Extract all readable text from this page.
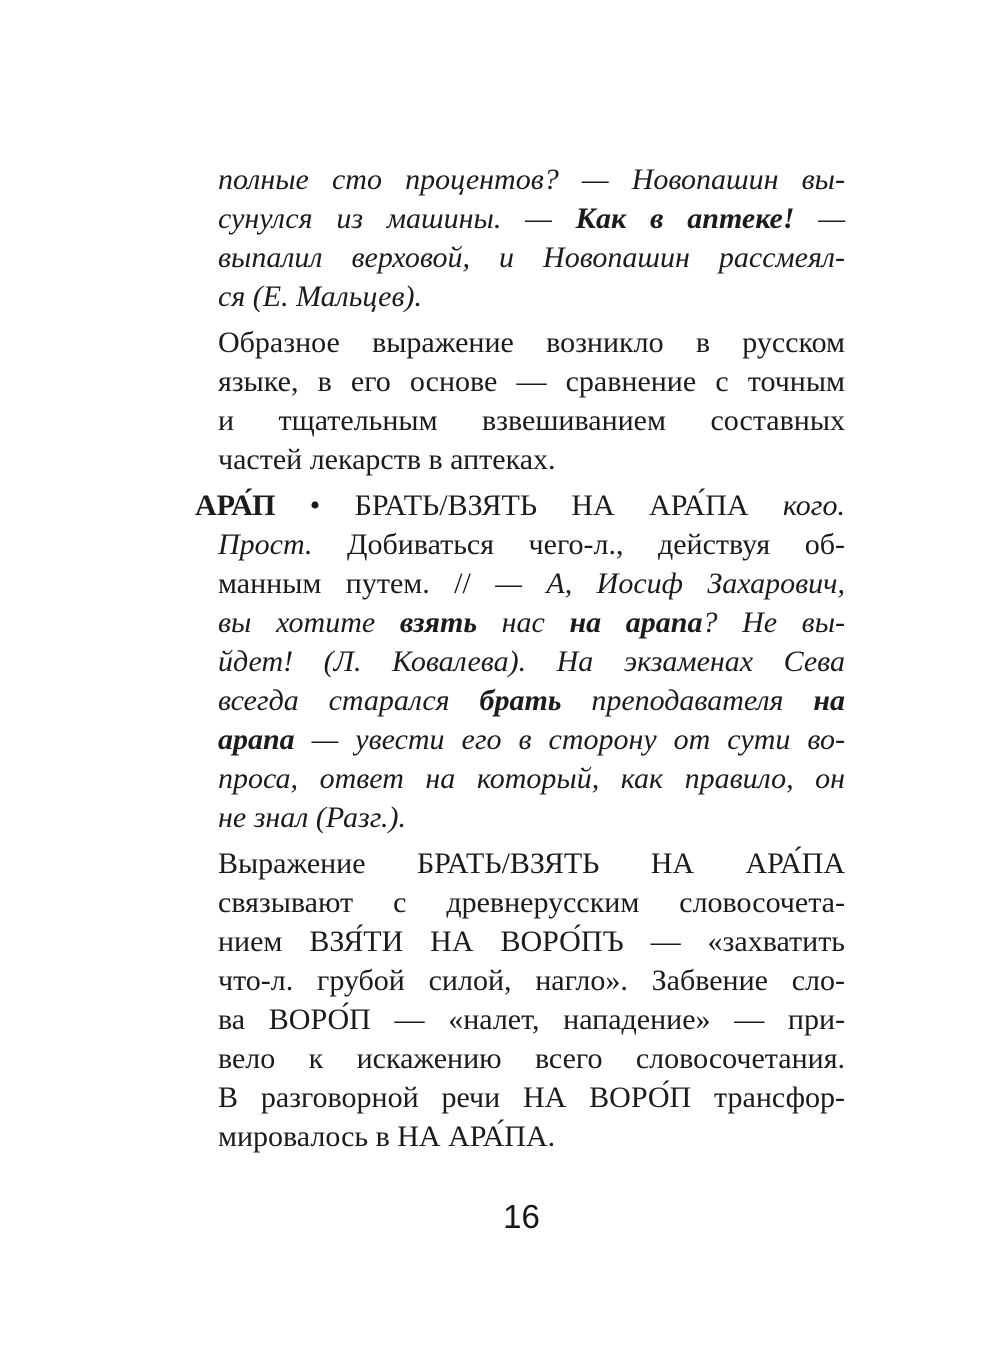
полные сто процентов? — Новопашин вы-
сунулся из машины. — Как в аптеке! —
выпалил верховой, и Новопашин рассмеял-
ся (Е. Мальцев).
Образное выражение возникло в русском
языке, в его основе — сравнение с точным
и тщательным взвешиванием составных
частей лекарств в аптеках.
АРА́П • БРАТЬ/ВЗЯТЬ НА АРА́ПА кого.
Прост. Добиваться чего-л., действуя об-
манным путем. // — А, Иосиф Захарович,
вы хотите взять нас на арапа? Не вы-
йдет! (Л. Ковалева). На экзаменах Сева
всегда старался брать преподавателя на
арапа — увести его в сторону от сути во-
проса, ответ на который, как правило, он
не знал (Разг.).
Выражение БРАТЬ/ВЗЯТЬ НА АРА́ПА
связывают с древнерусским словосочета-
нием ВЗЯ́ТИ НА ВОРО́ПЪ — «захватить
что-л. грубой силой, нагло». Забвение сло-
ва ВОРО́П — «налет, нападение» — при-
вело к искажению всего словосочетания.
В разговорной речи НА ВОРО́П трансфор-
мировалось в НА АРА́ПА.
16
